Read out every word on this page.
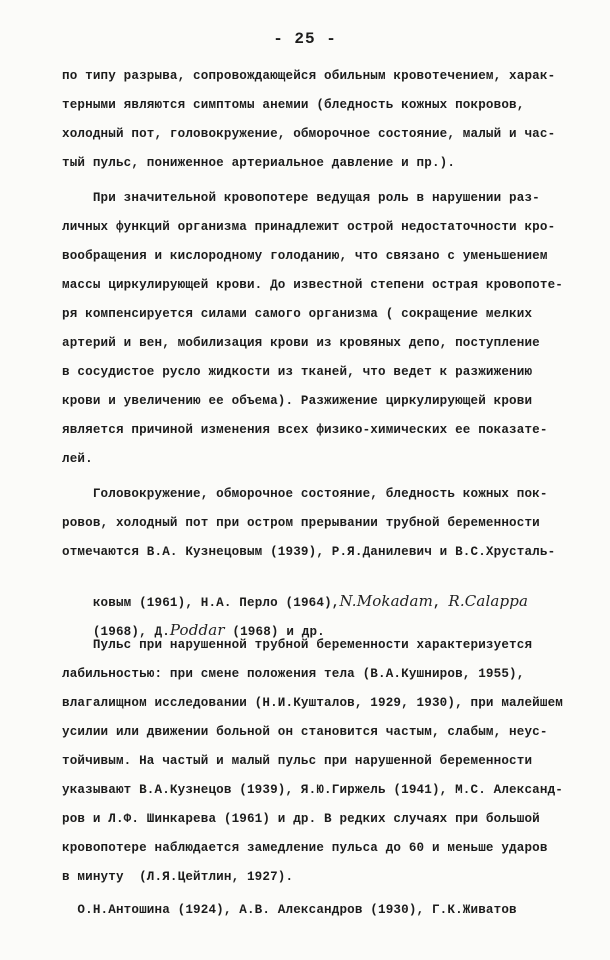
- 25 -
по типу разрыва, сопровождающейся обильным кровотечением, харак-
терными являются симптомы анемии (бледность кожных покровов,
холодный пот, головокружение, обморочное состояние, малый и час-
тый пульс, пониженное артериальное давление и пр.).
При значительной кровопотере ведущая роль в нарушении раз-
личных функций организма принадлежит острой недостаточности кро-
вообращения и кислородному голоданию, что связано с уменьшением
массы циркулирующей крови. До известной степени острая кровопоте-
ря компенсируется силами самого организма ( сокращение мелких
артерий и вен, мобилизация крови из кровяных депо, поступление
в сосудистое русло жидкости из тканей, что ведет к разжижению
крови и увеличению ее объема). Разжижение циркулирующей крови
является причиной изменения всех физико-химических ее показате-
лей.
Головокружение, обморочное состояние, бледность кожных пок-
ровов, холодный пот при остром прерывании трубной беременности
отмечаются В.А. Кузнецовым (1939), Р.Я.Данилевич и В.С.Хрусталь-

ковым (1961), Н.А. Перло (1964),N.Mokadam, R.Calappa

(1968), Д.Poddar (1968) и др.

Пульс при нарушенной трубной беременности характеризуется
лабильностью: при смене положения тела (В.А.Кушниров, 1955),
влагалищном исследовании (Н.И.Кушталов, 1929, 1930), при малейшем
усилии или движении больной он становится частым, слабым, неус-
тойчивым. На частый и малый пульс при нарушенной беременности
указывают В.А.Кузнецов (1939), Я.Ю.Гиржель (1941), М.С. Александ-
ров и Л.Ф. Шинкарева (1961) и др. В редких случаях при большой
кровопотере наблюдается замедление пульса до 60 и меньше ударов
в минуту  (Л.Я.Цейтлин, 1927).
О.Н.Антошина (1924), А.В. Александров (1930), Г.К.Живатов
